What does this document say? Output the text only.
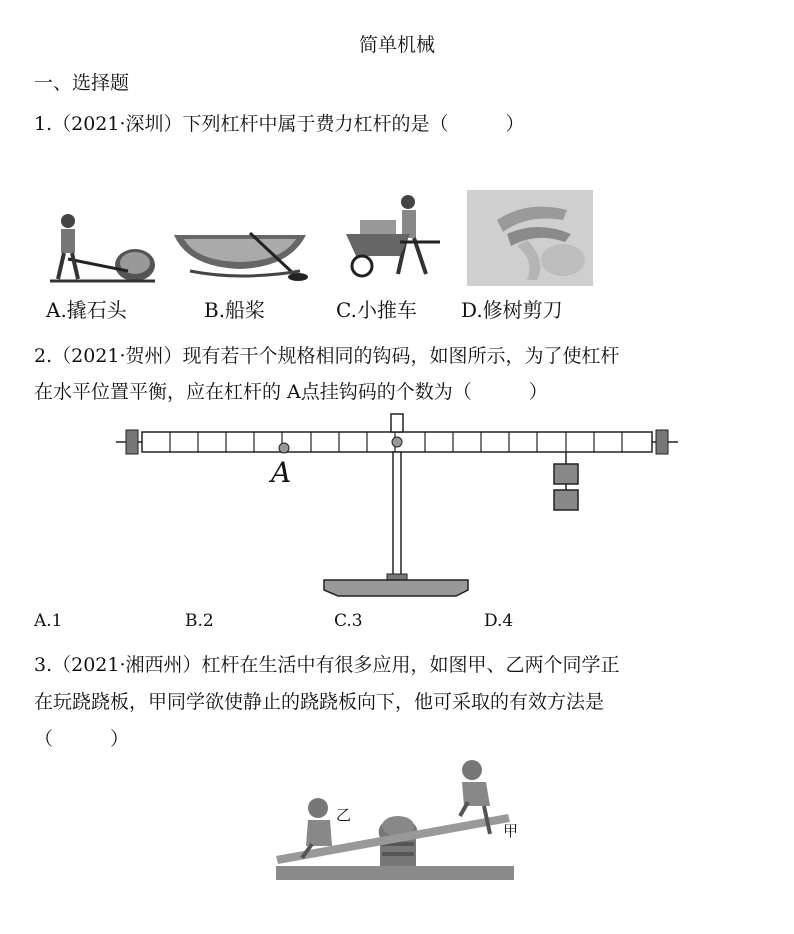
简单机械
一、选择题
1.（2021·深圳）下列杠杆中属于费力杠杆的是（　　　）
A.撬石头	B.船桨	C.小推车 D.修树剪刀
2.（2021·贺州）现有若干个规格相同的钩码，如图所示，为了使杠杆
在水平位置平衡，应在杠杆的 A点挂钩码的个数为（　　　）
A
A.1	B.2	C.3	D.4
3.（2021·湘西州）杠杆在生活中有很多应用，如图甲、乙两个同学正
在玩跷跷板，甲同学欲使静止的跷跷板向下，他可采取的有效方法是
（　　　）
乙
甲
